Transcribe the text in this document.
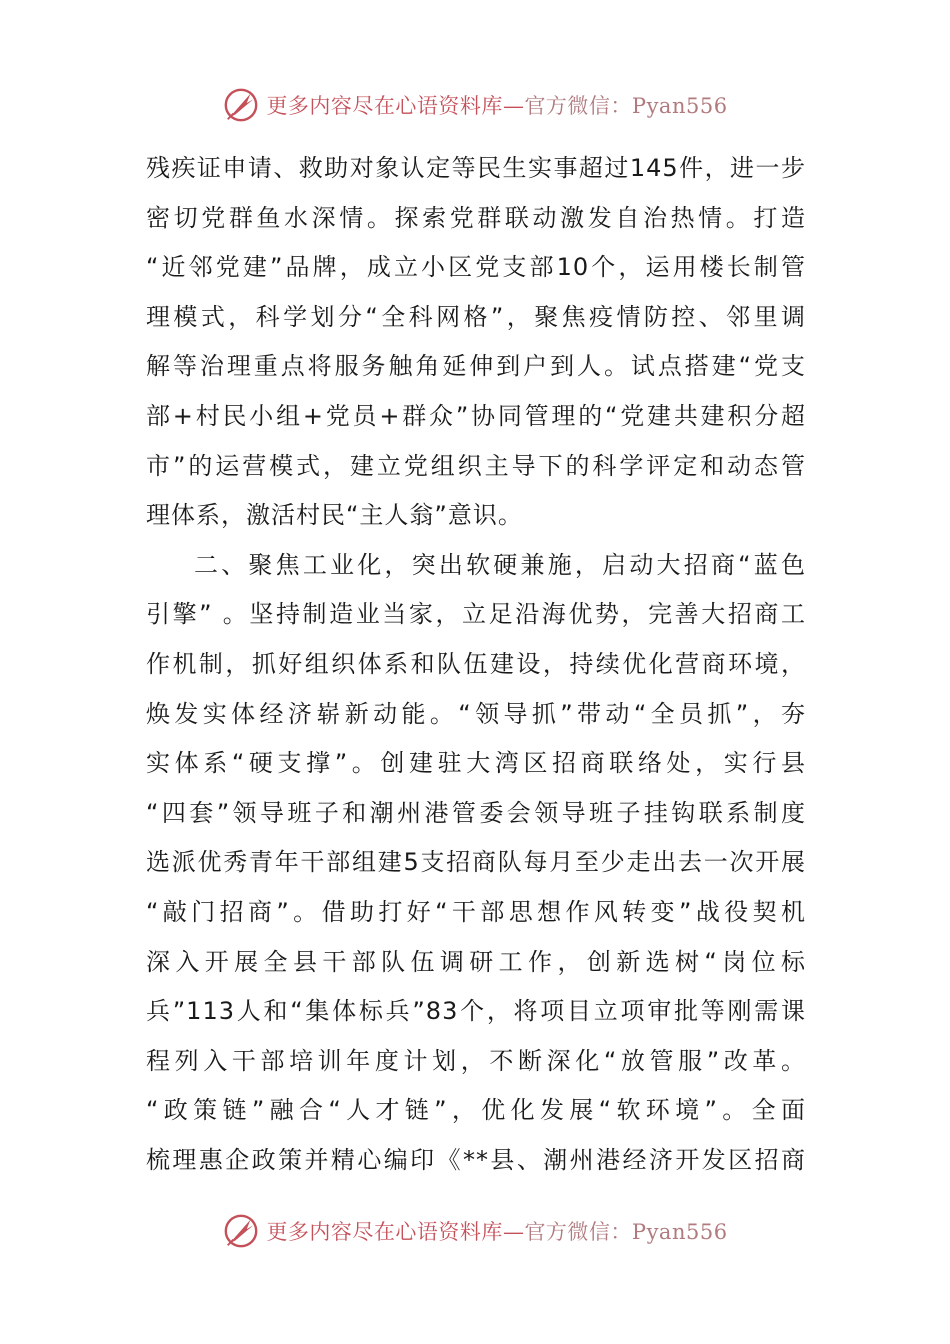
更多内容尽在心语资料库—官方微信：Pyan556

残疾证申请、救助对象认定等民生实事超过145件，进一步

密切党群鱼水深情。探索党群联动激发自治热情。打造

“近邻党建”品牌，成立小区党支部10个，运用楼长制管

理模式，科学划分“全科网格”，聚焦疫情防控、邻里调

解等治理重点将服务触角延伸到户到人。试点搭建“党支

部+村民小组+党员+群众”协同管理的“党建共建积分超

市”的运营模式，建立党组织主导下的科学评定和动态管

理体系，激活村民“主人翁”意识。

二、聚焦工业化，突出软硬兼施，启动大招商“蓝色

引擎” 。坚持制造业当家，立足沿海优势，完善大招商工

作机制，抓好组织体系和队伍建设，持续优化营商环境，

焕发实体经济崭新动能。“领导抓”带动“全员抓”，夯

实体系“硬支撑”。创建驻大湾区招商联络处，实行县

“四套”领导班子和潮州港管委会领导班子挂钩联系制度

选派优秀青年干部组建5支招商队每月至少走出去一次开展

“敲门招商”。借助打好“干部思想作风转变”战役契机

深入开展全县干部队伍调研工作，创新选树“岗位标

兵”113人和“集体标兵”83个，将项目立项审批等刚需课

程列入干部培训年度计划，不断深化“放管服”改革。

“政策链”融合“人才链”，优化发展“软环境”。全面

梳理惠企政策并精心编印《**县、潮州港经济开发区招商

更多内容尽在心语资料库—官方微信：Pyan556
